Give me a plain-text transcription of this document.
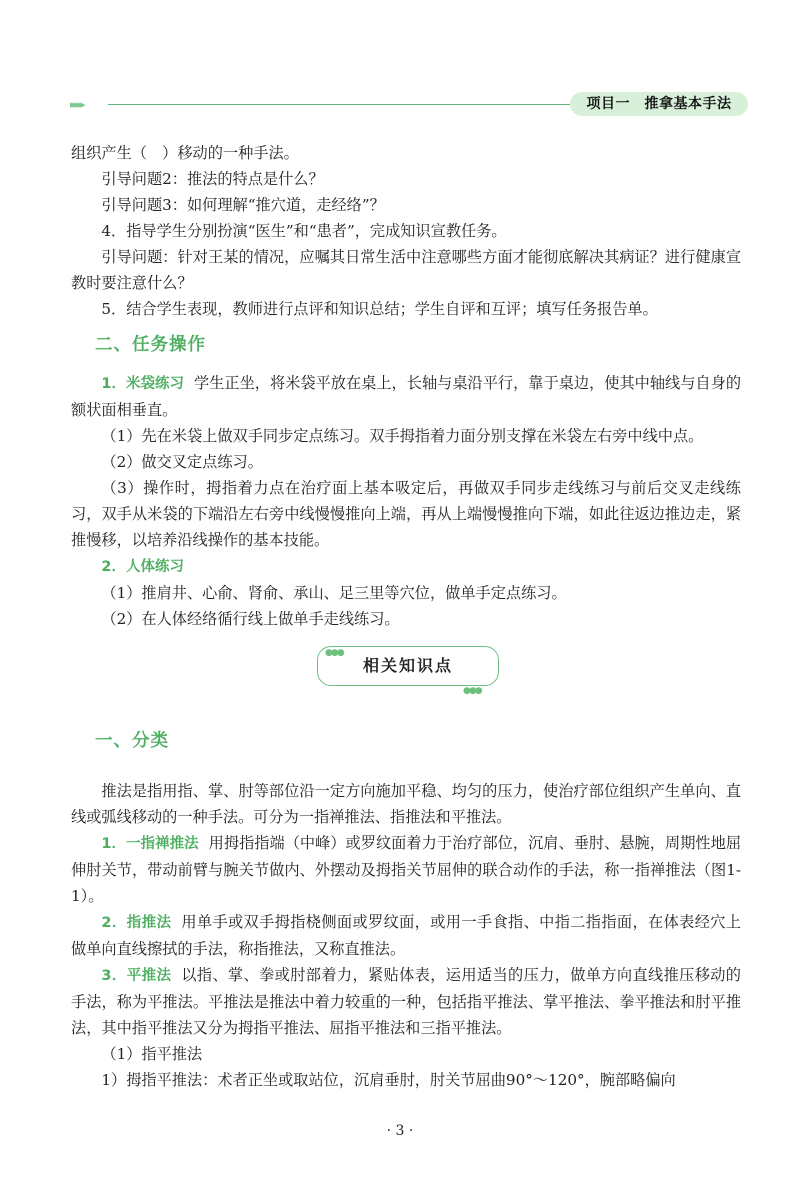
▸▸▸▸▸	项目一　推拿基本手法

组织产生（　）移动的一种手法。

引导问题2：推法的特点是什么？

引导问题3：如何理解“推穴道，走经络”？

4．指导学生分别扮演“医生”和“患者”，完成知识宣教任务。

引导问题：针对王某的情况，应嘱其日常生活中注意哪些方面才能彻底解决其病证？进行健康宣教时要注意什么？

5．结合学生表现，教师进行点评和知识总结；学生自评和互评；填写任务报告单。

二、任务操作

1．米袋练习 学生正坐，将米袋平放在桌上，长轴与桌沿平行，靠于桌边，使其中轴线与自身的额状面相垂直。

（1）先在米袋上做双手同步定点练习。双手拇指着力面分别支撑在米袋左右旁中线中点。

（2）做交叉定点练习。

（3）操作时，拇指着力点在治疗面上基本吸定后，再做双手同步走线练习与前后交叉走线练习，双手从米袋的下端沿左右旁中线慢慢推向上端，再从上端慢慢推向下端，如此往返边推边走，紧推慢移，以培养沿线操作的基本技能。

2．人体练习

（1）推肩井、心俞、肾俞、承山、足三里等穴位，做单手定点练习。

（2）在人体经络循行线上做单手走线练习。

相关知识点
●●●
●●●
一、分类

推法是指用指、掌、肘等部位沿一定方向施加平稳、均匀的压力，使治疗部位组织产生单向、直线或弧线移动的一种手法。可分为一指禅推法、指推法和平推法。

1．一指禅推法 用拇指指端（中峰）或罗纹面着力于治疗部位，沉肩、垂肘、悬腕，周期性地屈伸肘关节，带动前臂与腕关节做内、外摆动及拇指关节屈伸的联合动作的手法，称一指禅推法（图1-1）。

2．指推法 用单手或双手拇指桡侧面或罗纹面，或用一手食指、中指二指指面，在体表经穴上做单向直线擦拭的手法，称指推法，又称直推法。

3．平推法 以指、掌、拳或肘部着力，紧贴体表，运用适当的压力，做单方向直线推压移动的手法，称为平推法。平推法是推法中着力较重的一种，包括指平推法、掌平推法、拳平推法和肘平推法，其中指平推法又分为拇指平推法、屈指平推法和三指平推法。

（1）指平推法

1）拇指平推法：术者正坐或取站位，沉肩垂肘，肘关节屈曲90°～120°，腕部略偏向

· 3 ·
